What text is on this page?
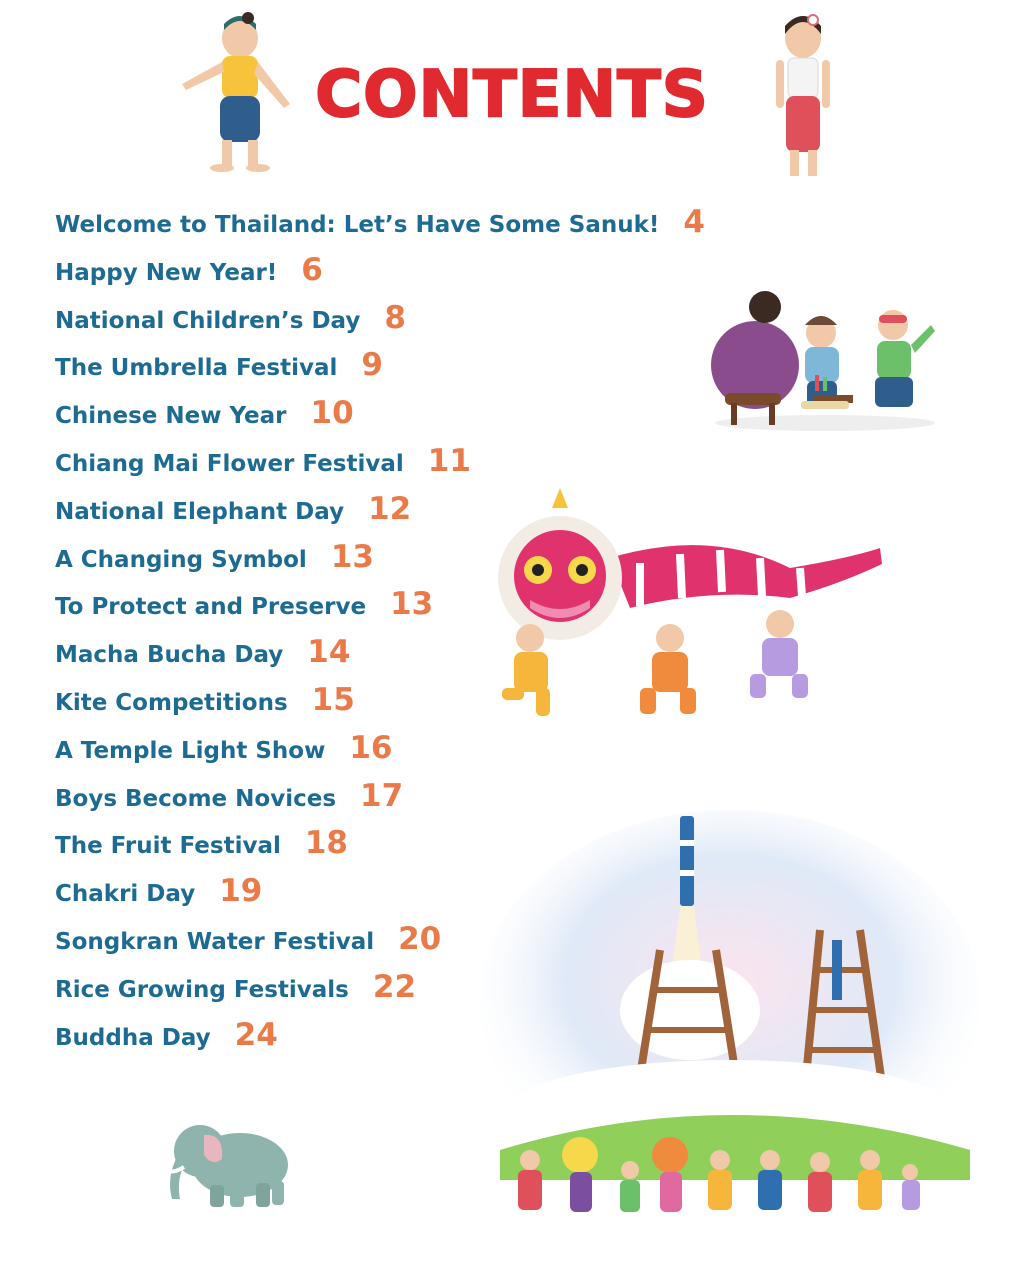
CONTENTS
Welcome to Thailand: Let’s Have Some Sanuk! 4
Happy New Year! 6
National Children’s Day 8
The Umbrella Festival 9
Chinese New Year 10
Chiang Mai Flower Festival 11
National Elephant Day 12
A Changing Symbol 13
To Protect and Preserve 13
Macha Bucha Day 14
Kite Competitions 15
A Temple Light Show 16
Boys Become Novices 17
The Fruit Festival 18
Chakri Day 19
Songkran Water Festival 20
Rice Growing Festivals 22
Buddha Day 24
